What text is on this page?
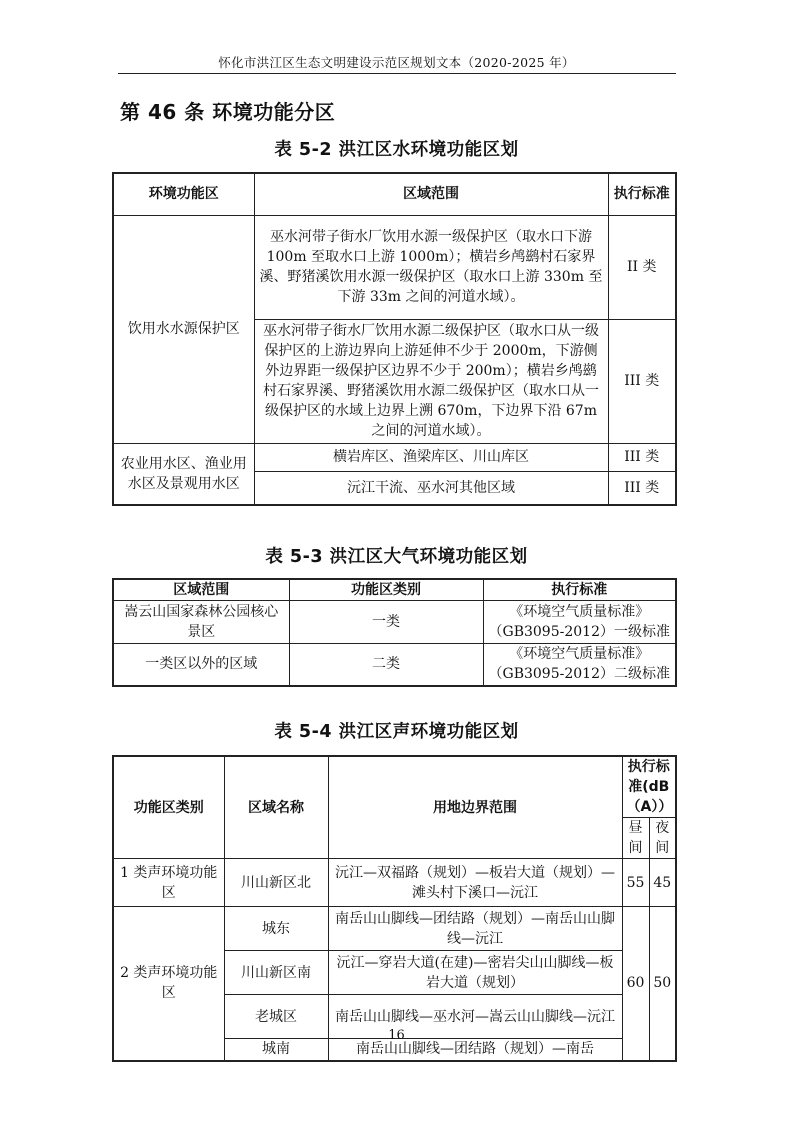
怀化市洪江区生态文明建设示范区规划文本（2020-2025 年）
第 46 条 环境功能分区
表 5-2 洪江区水环境功能区划
环境功能区	区域范围	执行标准
饮用水水源保护区	巫水河带子街水厂饮用水源一级保护区（取水口下游 100m 至取水口上游 1000m）；横岩乡鸬鹚村石家界溪、野猪溪饮用水源一级保护区（取水口上游 330m 至下游 33m 之间的河道水域）。	II 类
	巫水河带子街水厂饮用水源二级保护区（取水口从一级保护区的上游边界向上游延伸不少于 2000m，下游侧外边界距一级保护区边界不少于 200m）；横岩乡鸬鹚村石家界溪、野猪溪饮用水源二级保护区（取水口从一级保护区的水域上边界上溯 670m，下边界下沿 67m 之间的河道水域）。	III 类
农业用水区、渔业用水区及景观用水区	横岩库区、渔梁库区、川山库区	III 类
	沅江干流、巫水河其他区域	III 类
表 5-3 洪江区大气环境功能区划
区域范围	功能区类别	执行标准
嵩云山国家森林公园核心景区	一类	《环境空气质量标准》（GB3095-2012）一级标准
一类区以外的区域	二类	《环境空气质量标准》（GB3095-2012）二级标准
表 5-4 洪江区声环境功能区划
功能区类别	区域名称	用地边界范围	执行标准(dB（A））	
			昼间	夜间
1 类声环境功能区	川山新区北	沅江—双福路（规划）—板岩大道（规划）—滩头村下溪口—沅江	55	45
2 类声环境功能区	城东	南岳山山脚线—团结路（规划）—南岳山山脚线—沅江	60	50
	川山新区南	沅江—穿岩大道(在建)—密岩尖山山脚线—板岩大道（规划）		
	老城区	南岳山山脚线—巫水河—嵩云山山脚线—沅江		
	城南	南岳山山脚线—团结路（规划）—南岳		
16
